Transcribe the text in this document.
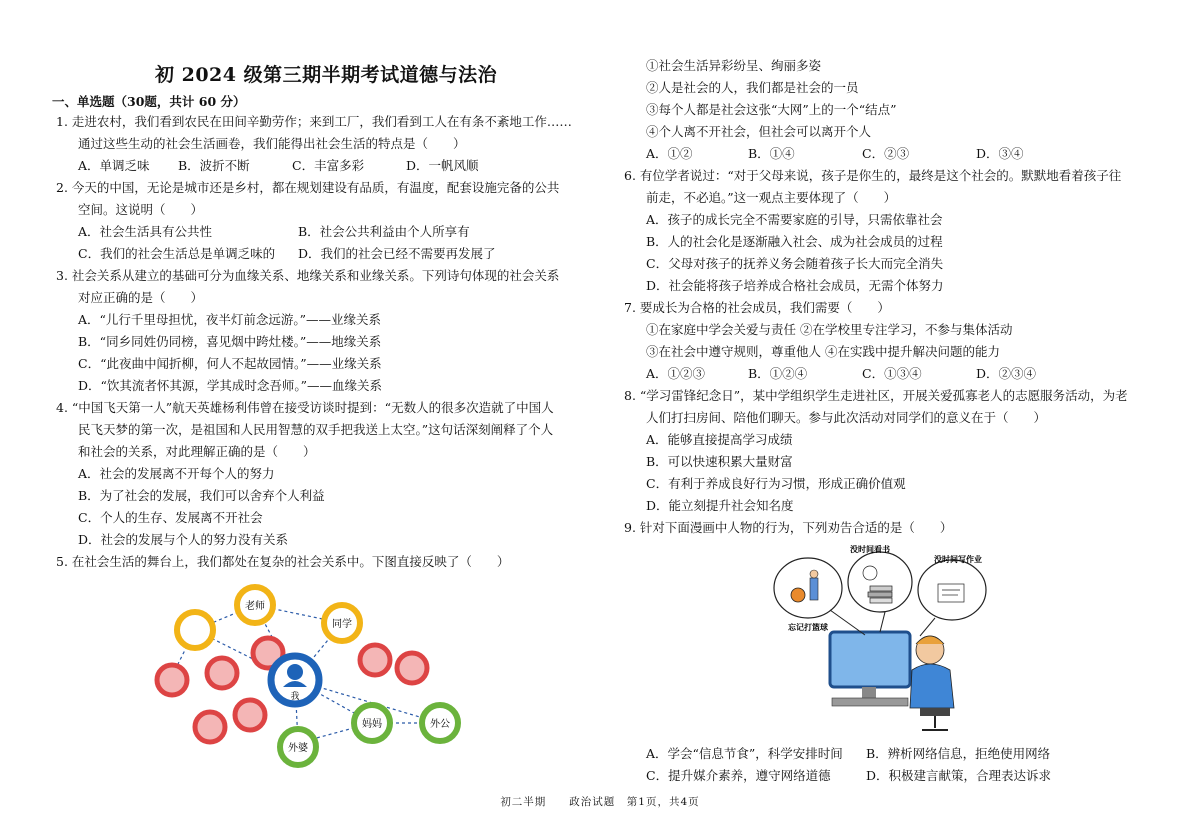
初 2024 级第三期半期考试道德与法治
一、单选题（30题，共计 60 分）
1. 走进农村，我们看到农民在田间辛勤劳作；来到工厂，我们看到工人在有条不紊地工作……
通过这些生动的社会生活画卷，我们能得出社会生活的特点是（　　）
A．单调乏味 B．波折不断	C．丰富多彩	D．一帆风顺
2. 今天的中国，无论是城市还是乡村，都在规划建设有品质，有温度，配套设施完备的公共
空间。这说明（　　）
A．社会生活具有公共性	B．社会公共利益由个人所享有
C．我们的社会生活总是单调乏味的 D．我们的社会已经不需要再发展了
3. 社会关系从建立的基础可分为血缘关系、地缘关系和业缘关系。下列诗句体现的社会关系
对应正确的是（　　）
A．“儿行千里母担忧，夜半灯前念远游。”——业缘关系
B．“同乡同姓仍同榜，喜见烟中跨灶楼。”——地缘关系
C．“此夜曲中闻折柳，何人不起故园情。”——业缘关系
D．“饮其流者怀其源，学其成时念吾师。”——血缘关系
4. “中国飞天第一人”航天英雄杨利伟曾在接受访谈时提到：“无数人的很多次造就了中国人
民飞天梦的第一次，是祖国和人民用智慧的双手把我送上太空。”这句话深刻阐释了个人
和社会的关系，对此理解正确的是（　　）
A．社会的发展离不开每个人的努力
B．为了社会的发展，我们可以舍弃个人利益
C．个人的生存、发展离不开社会
D．社会的发展与个人的努力没有关系
5. 在社会生活的舞台上，我们都处在复杂的社会关系中。下图直接反映了（　　）
我
老师
同学
妈妈	外公
外婆
①社会生活异彩纷呈、绚丽多姿
②人是社会的人，我们都是社会的一员
③每个人都是社会这张“大网”上的一个“结点”
④个人离不开社会，但社会可以离开个人
A．①②	B．①④	C．②③	D．③④
6. 有位学者说过：“对于父母来说，孩子是你生的，最终是这个社会的。默默地看着孩子往
前走，不必追。”这一观点主要体现了（　　）
A．孩子的成长完全不需要家庭的引导，只需依靠社会
B．人的社会化是逐渐融入社会、成为社会成员的过程
C．父母对孩子的抚养义务会随着孩子长大而完全消失
D．社会能将孩子培养成合格社会成员，无需个体努力
7. 要成长为合格的社会成员，我们需要（　　）
①在家庭中学会关爱与责任 ②在学校里专注学习，不参与集体活动
③在社会中遵守规则，尊重他人 ④在实践中提升解决问题的能力
A．①②③	B．①②④	C．①③④	D．②③④
8. “学习雷锋纪念日”，某中学组织学生走进社区，开展关爱孤寡老人的志愿服务活动，为老
人们打扫房间、陪他们聊天。参与此次活动对同学们的意义在于（　　）
A．能够直接提高学习成绩
B．可以快速积累大量财富
C．有利于养成良好行为习惯，形成正确价值观
D．能立刻提升社会知名度
9. 针对下面漫画中人物的行为，下列劝告合适的是（　　）
没时间看书
没时间写作业
忘记打篮球
A．学会“信息节食”，科学安排时间 B．辨析网络信息，拒绝使用网络
C．提升媒介素养，遵守网络道德	D．积极建言献策，合理表达诉求
初二半期　　政治试题　第1页，共4页
